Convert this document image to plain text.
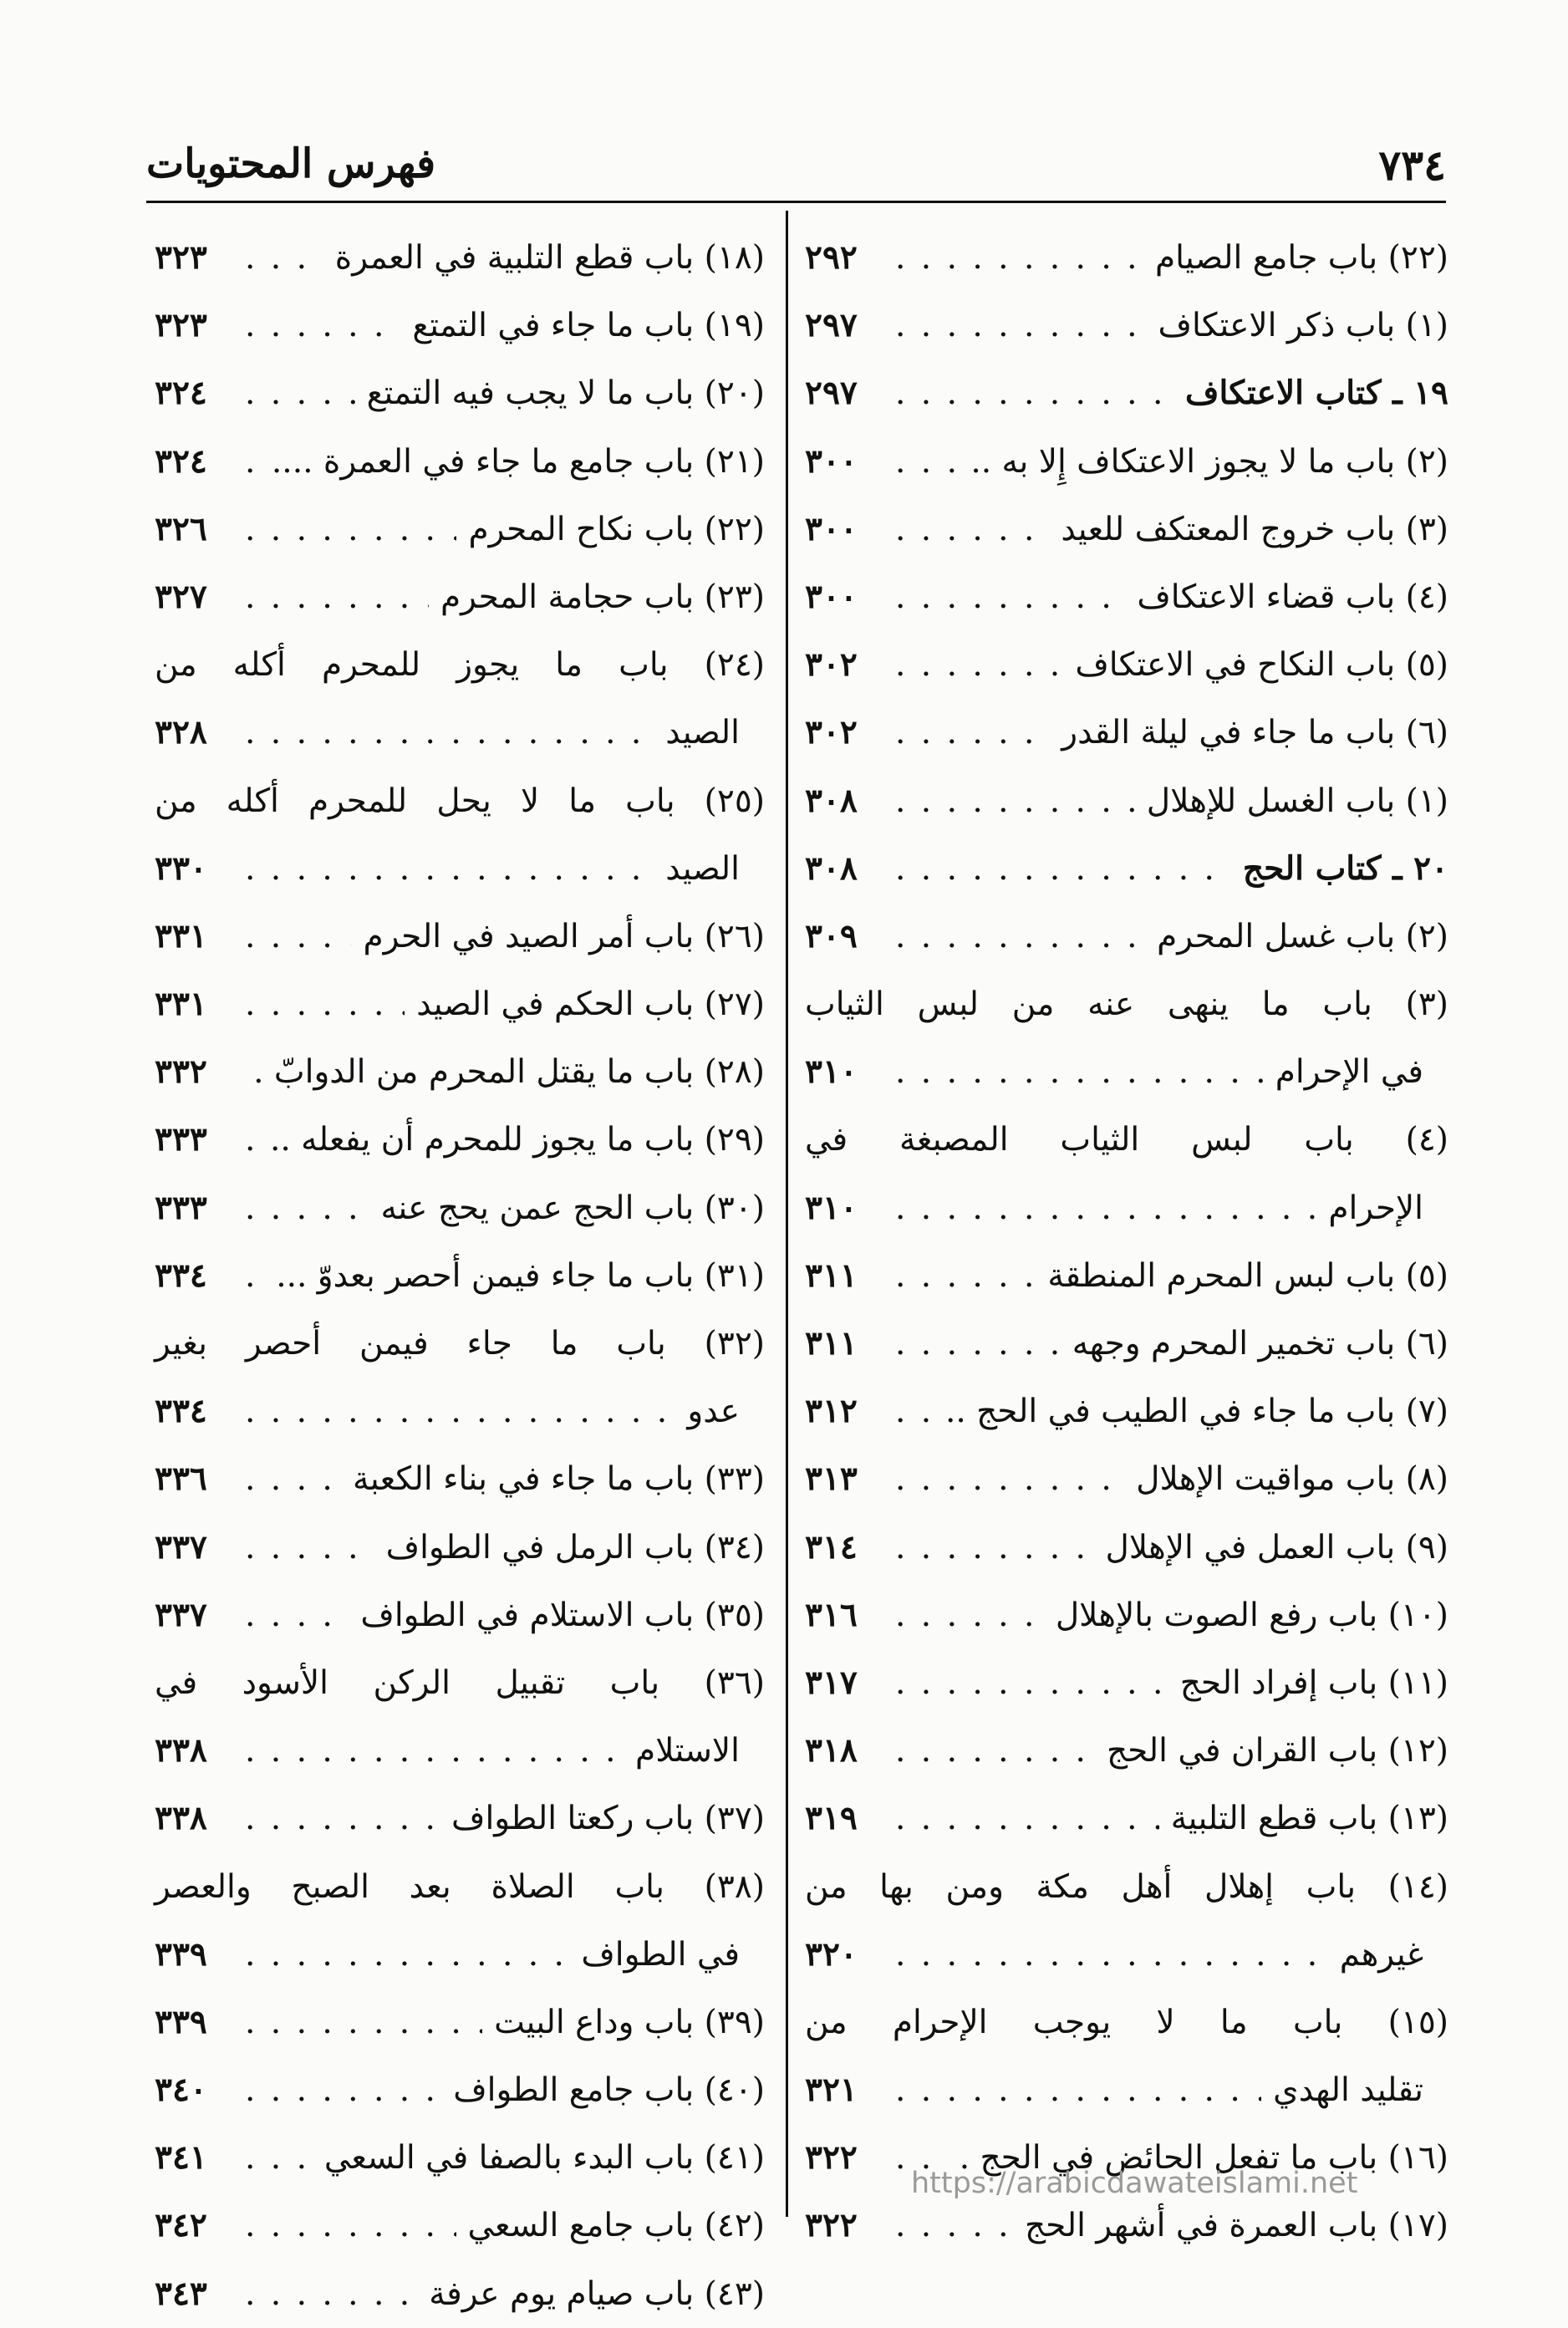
٧٣٤
فهرس المحتويات
(٢٢) باب جامع الصيام
. . .
٢٩٢
(١) باب ذكر الاعتكاف
. . .
٢٩٧
١٩ ـ كتاب الاعتكاف
. . .
٢٩٧
(٢) باب ما لا يجوز الاعتكاف إِلا به ..
. . .
٣٠٠
(٣) باب خروج المعتكف للعيد
. . .
٣٠٠
(٤) باب قضاء الاعتكاف
. . .
٣٠٠
(٥) باب النكاح في الاعتكاف
. . .
٣٠٢
(٦) باب ما جاء في ليلة القدر
. . .
٣٠٢
(١) باب الغسل للإهلال
. . .
٣٠٨
٢٠ ـ كتاب الحج
. . .
٣٠٨
(٢) باب غسل المحرم
. . .
٣٠٩
(٣) باب ما ينهى عنه من لبس الثياب
في الإحرام
. . .
٣١٠
(٤) باب لبس الثياب المصبغة في
الإحرام
. . .
٣١٠
(٥) باب لبس المحرم المنطقة
. . .
٣١١
(٦) باب تخمير المحرم وجهه
. . .
٣١١
(٧) باب ما جاء في الطيب في الحج ..
. . .
٣١٢
(٨) باب مواقيت الإهلال
. . .
٣١٣
(٩) باب العمل في الإهلال
. . .
٣١٤
(١٠) باب رفع الصوت بالإهلال
. . .
٣١٦
(١١) باب إفراد الحج
. . .
٣١٧
(١٢) باب القران في الحج
. . .
٣١٨
(١٣) باب قطع التلبية
. . .
٣١٩
(١٤) باب إهلال أهل مكة ومن بها من
غيرهم
. . .
٣٢٠
(١٥) باب ما لا يوجب الإحرام من
تقليد الهدي
. . .
٣٢١
(١٦) باب ما تفعل الحائض في الحج .
. . .
٣٢٢
(١٧) باب العمرة في أشهر الحج
. . .
٣٢٢
(١٨) باب قطع التلبية في العمرة
. . .
٣٢٣
(١٩) باب ما جاء في التمتع
. . .
٣٢٣
(٢٠) باب ما لا يجب فيه التمتع
. . .
٣٢٤
(٢١) باب جامع ما جاء في العمرة ....
. . .
٣٢٤
(٢٢) باب نكاح المحرم
. . .
٣٢٦
(٢٣) باب حجامة المحرم
. . .
٣٢٧
(٢٤) باب ما يجوز للمحرم أكله من
الصيد
. . .
٣٢٨
(٢٥) باب ما لا يحل للمحرم أكله من
الصيد
. . .
٣٣٠
(٢٦) باب أمر الصيد في الحرم
. . .
٣٣١
(٢٧) باب الحكم في الصيد
. . .
٣٣١
(٢٨) باب ما يقتل المحرم من الدوابّ .
٣٣٢
(٢٩) باب ما يجوز للمحرم أن يفعله ..
. . .
٣٣٣
(٣٠) باب الحج عمن يحج عنه
. . .
٣٣٣
(٣١) باب ما جاء فيمن أحصر بعدوّ ...
. . .
٣٣٤
(٣٢) باب ما جاء فيمن أحصر بغير
عدو
. . .
٣٣٤
(٣٣) باب ما جاء في بناء الكعبة
. . .
٣٣٦
(٣٤) باب الرمل في الطواف
. . .
٣٣٧
(٣٥) باب الاستلام في الطواف
. . .
٣٣٧
(٣٦) باب تقبيل الركن الأسود في
الاستلام
. . .
٣٣٨
(٣٧) باب ركعتا الطواف
. . .
٣٣٨
(٣٨) باب الصلاة بعد الصبح والعصر
في الطواف
. . .
٣٣٩
(٣٩) باب وداع البيت
. . .
٣٣٩
(٤٠) باب جامع الطواف
. . .
٣٤٠
(٤١) باب البدء بالصفا في السعي
. . .
٣٤١
(٤٢) باب جامع السعي
. . .
٣٤٢
(٤٣) باب صيام يوم عرفة
. . .
٣٤٣
https://arabicdawateislami.net
